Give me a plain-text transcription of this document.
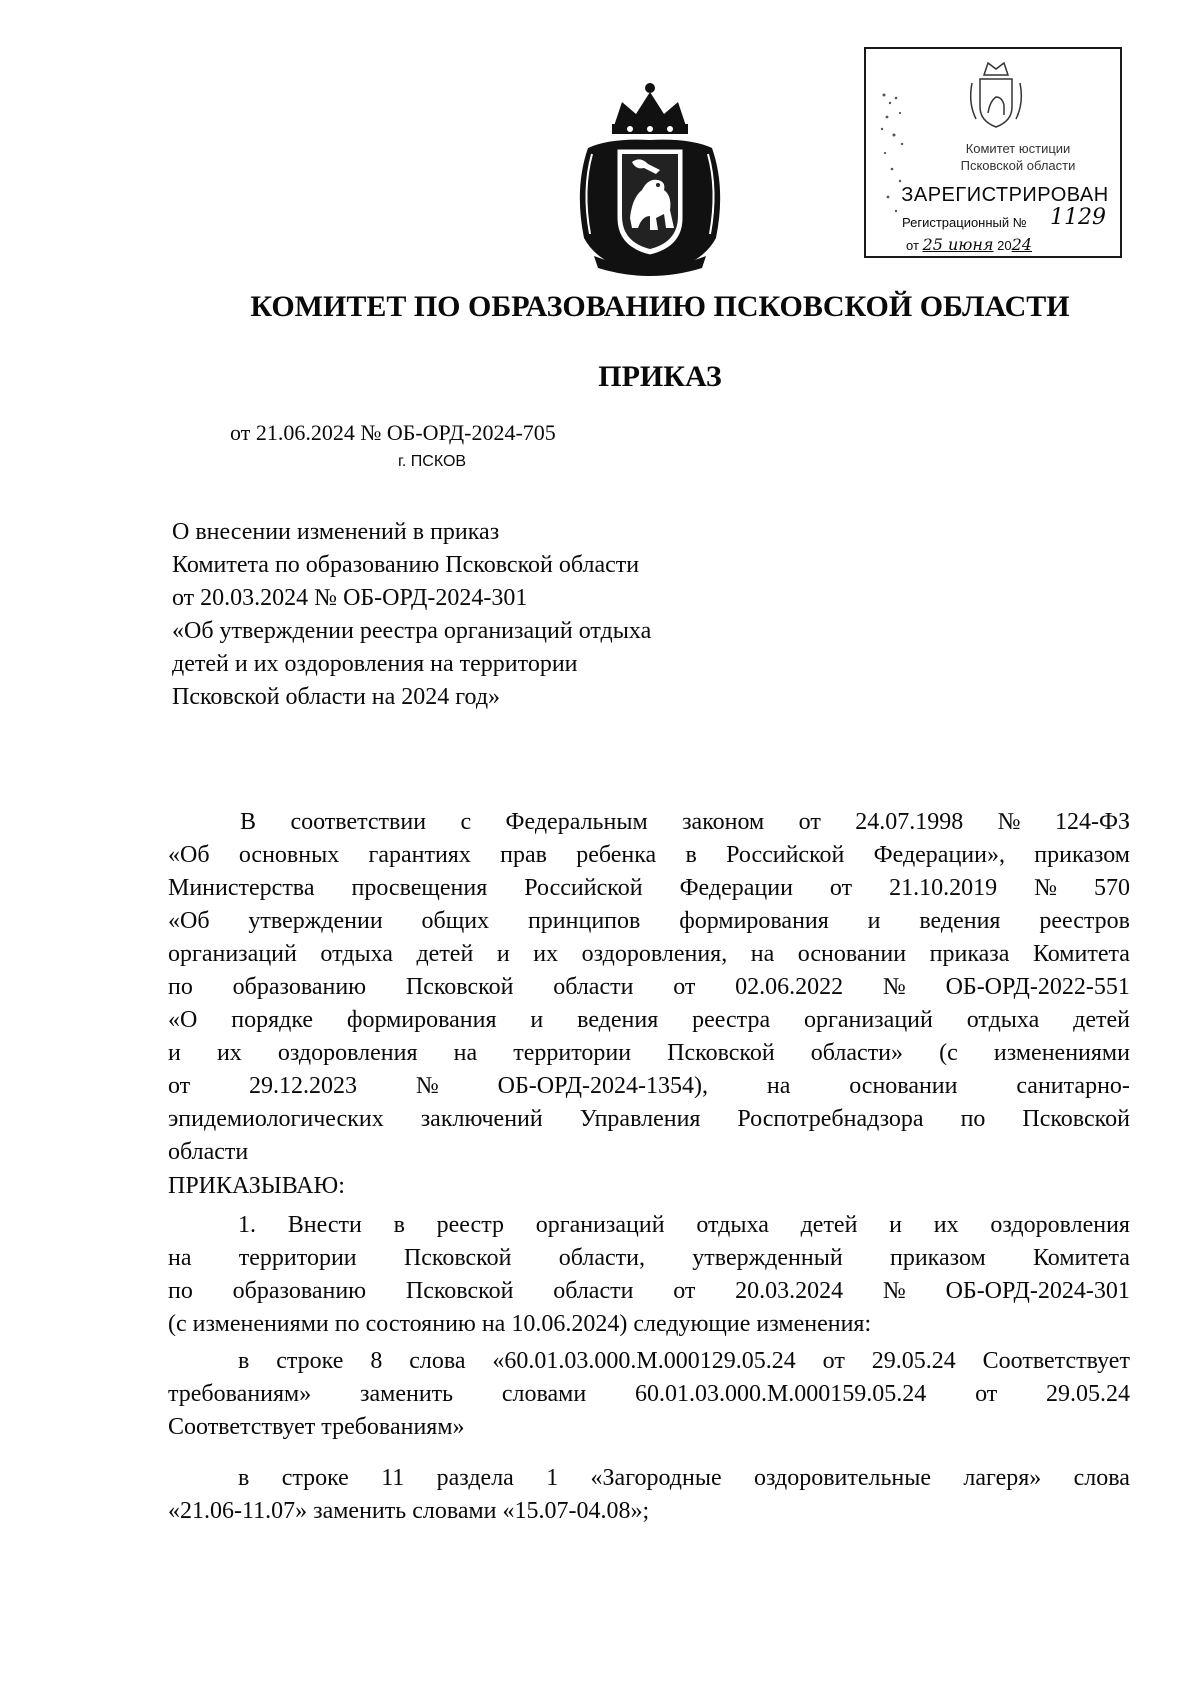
Комитет юстиции
Псковской области
ЗАРЕГИСТРИРОВАН
Регистрационный № 1129
от 25 июня 2024
КОМИТЕТ ПО ОБРАЗОВАНИЮ ПСКОВСКОЙ ОБЛАСТИ
ПРИКАЗ
от 21.06.2024 № ОБ-ОРД-2024-705
г. ПСКОВ
О внесении изменений в приказ
Комитета по образованию Псковской области
от 20.03.2024 № ОБ-ОРД-2024-301
«Об утверждении реестра организаций отдыха
детей и их оздоровления на территории
Псковской области на 2024 год»
В соответствии с Федеральным законом от 24.07.1998 № 124-ФЗ
«Об основных гарантиях прав ребенка в Российской Федерации», приказом
Министерства просвещения Российской Федерации от 21.10.2019 № 570
«Об утверждении общих принципов формирования и ведения реестров
организаций отдыха детей и их оздоровления, на основании приказа Комитета
по образованию Псковской области от 02.06.2022 № ОБ-ОРД-2022-551
«О порядке формирования и ведения реестра организаций отдыха детей
и их оздоровления на территории Псковской области» (с изменениями
от 29.12.2023 № ОБ-ОРД-2024-1354), на основании санитарно-
эпидемиологических заключений Управления Роспотребнадзора по Псковской
области
ПРИКАЗЫВАЮ:
1. Внести в реестр организаций отдыха детей и их оздоровления
на территории Псковской области, утвержденный приказом Комитета
по образованию Псковской области от 20.03.2024 № ОБ-ОРД-2024-301
(с изменениями по состоянию на 10.06.2024) следующие изменения:
в строке 8 слова «60.01.03.000.М.000129.05.24 от 29.05.24 Соответствует
требованиям» заменить словами 60.01.03.000.М.000159.05.24 от 29.05.24
Соответствует требованиям»
в строке 11 раздела 1 «Загородные оздоровительные лагеря» слова
«21.06-11.07» заменить словами «15.07-04.08»;
